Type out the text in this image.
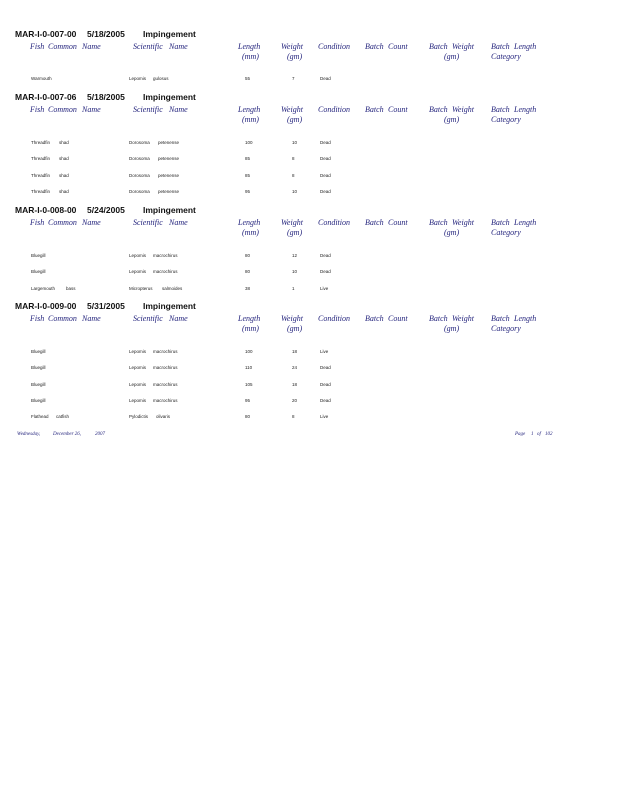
MAR-I-0-007-00 5/18/2005 Impingement
Fish Common Name	Scientific Name	Length
(mm)
Weight
(gm)
Condition Batch Count	Batch Weight
(gm)
Batch Length
Category
Warmouth	Lepomis gulosus	55	7	Dead
MAR-I-0-007-06 5/18/2005 Impingement
Fish Common Name	Scientific Name	Length
(mm)
Weight
(gm)
Condition Batch Count	Batch Weight
(gm)
Batch Length
Category
Threadfin shad	Dorosoma petenense	100	10	Dead
Threadfin shad	Dorosoma petenense	85	8	Dead
Threadfin shad	Dorosoma petenense	85	8	Dead
Threadfin shad	Dorosoma petenense	95	10	Dead
MAR-I-0-008-00 5/24/2005 Impingement
Fish Common Name	Scientific Name	Length
(mm)
Weight
(gm)
Condition Batch Count	Batch Weight
(gm)
Batch Length
Category
Bluegill	Lepomis macrochirus	80	12	Dead
Bluegill	Lepomis macrochirus	80	10	Dead
Largemouth bass	Micropterus salmoides	38	1	Live
MAR-I-0-009-00 5/31/2005 Impingement
Fish Common Name	Scientific Name	Length
(mm)
Weight
(gm)
Condition Batch Count	Batch Weight
(gm)
Batch Length
Category
Bluegill	Lepomis macrochirus	100	18	Live
Bluegill	Lepomis macrochirus	110	24	Dead
Bluegill	Lepomis macrochirus	105	18	Dead
Bluegill	Lepomis macrochirus	95	20	Dead
Flathead catfish	Pylodictis olivaris	80	8	Live
Wednesday,	December 26,	2007	Page 1 of 102
